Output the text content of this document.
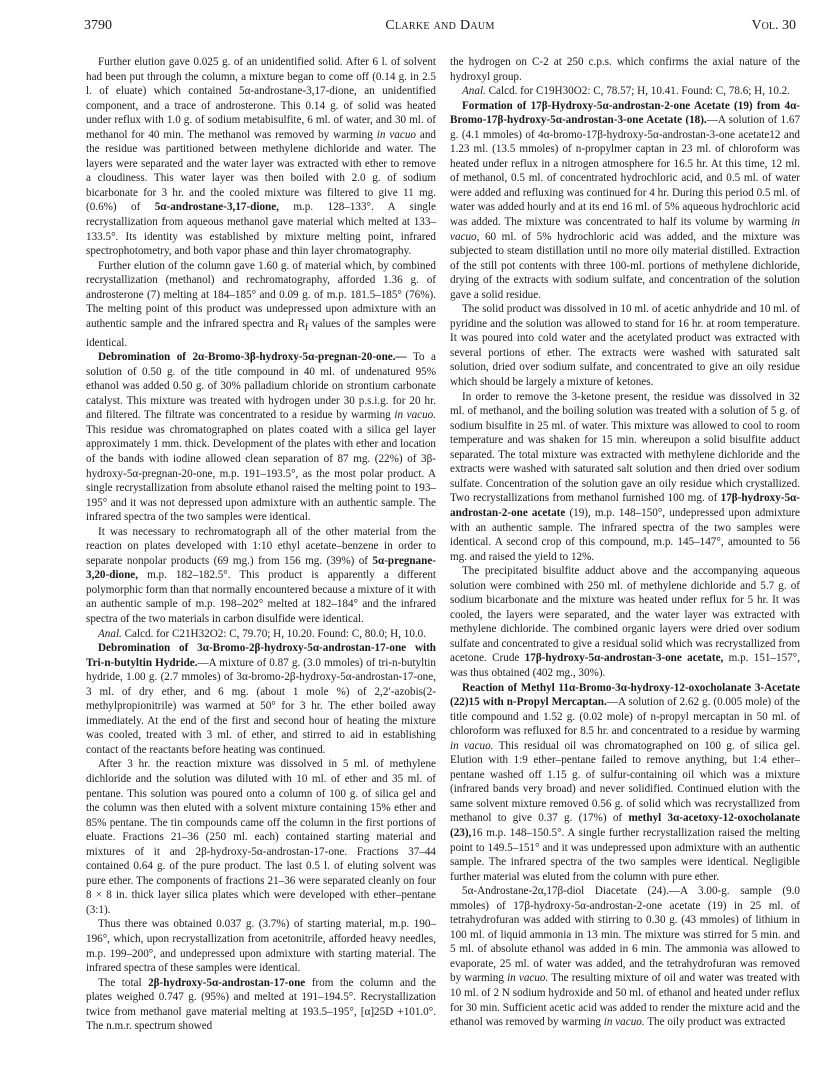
3790	Clarke and Daum	Vol. 30

Further elution gave 0.025 g. of an unidentified solid. After 6 l. of solvent had been put through the column, a mixture began to come off (0.14 g. in 2.5 l. of eluate) which contained 5α-androstane-3,17-dione, an unidentified component, and a trace of androsterone. This 0.14 g. of solid was heated under reflux with 1.0 g. of sodium metabisulfite, 6 ml. of water, and 30 ml. of methanol for 40 min. The methanol was removed by warming in vacuo and the residue was partitioned between methylene dichloride and water. The layers were separated and the water layer was extracted with ether to remove a cloudiness. This water layer was then boiled with 2.0 g. of sodium bicarbonate for 3 hr. and the cooled mixture was filtered to give 11 mg. (0.6%) of 5α-androstane-3,17-dione, m.p. 128–133°. A single recrystallization from aqueous methanol gave material which melted at 133–133.5°. Its identity was established by mixture melting point, infrared spectrophotometry, and both vapor phase and thin layer chromatography.

Further elution of the column gave 1.60 g. of material which, by combined recrystallization (methanol) and rechromatography, afforded 1.36 g. of androsterone (7) melting at 184–185° and 0.09 g. of m.p. 181.5–185° (76%). The melting point of this product was undepressed upon admixture with an authentic sample and the infrared spectra and $R_f$ values of the samples were identical.

Debromination of 2α-Bromo-3β-hydroxy-5α-pregnan-20-one.— To a solution of 0.50 g. of the title compound in 40 ml. of undenatured 95% ethanol was added 0.50 g. of 30% palladium chloride on strontium carbonate catalyst. This mixture was treated with hydrogen under 30 p.s.i.g. for 20 hr. and filtered. The filtrate was concentrated to a residue by warming in vacuo. This residue was chromatographed on plates coated with a silica gel layer approximately 1 mm. thick. Development of the plates with ether and location of the bands with iodine allowed clean separation of 87 mg. (22%) of 3β-hydroxy-5α-pregnan-20-one, m.p. 191–193.5°, as the most polar product. A single recrystallization from absolute ethanol raised the melting point to 193–195° and it was not depressed upon admixture with an authentic sample. The infrared spectra of the two samples were identical.

It was necessary to rechromatograph all of the other material from the reaction on plates developed with 1:10 ethyl acetate–benzene in order to separate nonpolar products (69 mg.) from 156 mg. (39%) of 5α-pregnane-3,20-dione, m.p. 182–182.5°. This product is apparently a different polymorphic form than that normally encountered because a mixture of it with an authentic sample of m.p. 198–202° melted at 182–184° and the infrared spectra of the two materials in carbon disulfide were identical.

Anal. Calcd. for C21H32O2: C, 79.70; H, 10.20. Found: C, 80.0; H, 10.0.

Debromination of 3α-Bromo-2β-hydroxy-5α-androstan-17-one with Tri-n-butyltin Hydride.—A mixture of 0.87 g. (3.0 mmoles) of tri-n-butyltin hydride, 1.00 g. (2.7 mmoles) of 3α-bromo-2β-hydroxy-5α-androstan-17-one, 3 ml. of dry ether, and 6 mg. (about 1 mole %) of 2,2′-azobis(2-methylpropionitrile) was warmed at 50° for 3 hr. The ether boiled away immediately. At the end of the first and second hour of heating the mixture was cooled, treated with 3 ml. of ether, and stirred to aid in establishing contact of the reactants before heating was continued.

After 3 hr. the reaction mixture was dissolved in 5 ml. of methylene dichloride and the solution was diluted with 10 ml. of ether and 35 ml. of pentane. This solution was poured onto a column of 100 g. of silica gel and the column was then eluted with a solvent mixture containing 15% ether and 85% pentane. The tin compounds came off the column in the first portions of eluate. Fractions 21–36 (250 ml. each) contained starting material and mixtures of it and 2β-hydroxy-5α-androstan-17-one. Fractions 37–44 contained 0.64 g. of the pure product. The last 0.5 l. of eluting solvent was pure ether. The components of fractions 21–36 were separated cleanly on four 8 × 8 in. thick layer silica plates which were developed with ether–pentane (3:1).

Thus there was obtained 0.037 g. (3.7%) of starting material, m.p. 190–196°, which, upon recrystallization from acetonitrile, afforded heavy needles, m.p. 199–200°, and undepressed upon admixture with starting material. The infrared spectra of these samples were identical.

The total 2β-hydroxy-5α-androstan-17-one from the column and the plates weighed 0.747 g. (95%) and melted at 191–194.5°. Recrystallization twice from methanol gave material melting at 193.5–195°, [α]25D +101.0°. The n.m.r. spectrum showed

the hydrogen on C-2 at 250 c.p.s. which confirms the axial nature of the hydroxyl group.

Anal. Calcd. for C19H30O2: C, 78.57; H, 10.41. Found: C, 78.6; H, 10.2.

Formation of 17β-Hydroxy-5α-androstan-2-one Acetate (19) from 4α-Bromo-17β-hydroxy-5α-androstan-3-one Acetate (18).—A solution of 1.67 g. (4.1 mmoles) of 4α-bromo-17β-hydroxy-5α-androstan-3-one acetate12 and 1.23 ml. (13.5 mmoles) of n-propylmer captan in 23 ml. of chloroform was heated under reflux in a nitrogen atmosphere for 16.5 hr. At this time, 12 ml. of methanol, 0.5 ml. of concentrated hydrochloric acid, and 0.5 ml. of water were added and refluxing was continued for 4 hr. During this period 0.5 ml. of water was added hourly and at its end 16 ml. of 5% aqueous hydrochloric acid was added. The mixture was concentrated to half its volume by warming in vacuo, 60 ml. of 5% hydrochloric acid was added, and the mixture was subjected to steam distillation until no more oily material distilled. Extraction of the still pot contents with three 100-ml. portions of methylene dichloride, drying of the extracts with sodium sulfate, and concentration of the solution gave a solid residue.

The solid product was dissolved in 10 ml. of acetic anhydride and 10 ml. of pyridine and the solution was allowed to stand for 16 hr. at room temperature. It was poured into cold water and the acetylated product was extracted with several portions of ether. The extracts were washed with saturated salt solution, dried over sodium sulfate, and concentrated to give an oily residue which should be largely a mixture of ketones.

In order to remove the 3-ketone present, the residue was dissolved in 32 ml. of methanol, and the boiling solution was treated with a solution of 5 g. of sodium bisulfite in 25 ml. of water. This mixture was allowed to cool to room temperature and was shaken for 15 min. whereupon a solid bisulfite adduct separated. The total mixture was extracted with methylene dichloride and the extracts were washed with saturated salt solution and then dried over sodium sulfate. Concentration of the solution gave an oily residue which crystallized. Two recrystallizations from methanol furnished 100 mg. of 17β-hydroxy-5α-androstan-2-one acetate (19), m.p. 148–150°, undepressed upon admixture with an authentic sample. The infrared spectra of the two samples were identical. A second crop of this compound, m.p. 145–147°, amounted to 56 mg. and raised the yield to 12%.

The precipitated bisulfite adduct above and the accompanying aqueous solution were combined with 250 ml. of methylene dichloride and 5.7 g. of sodium bicarbonate and the mixture was heated under reflux for 5 hr. It was cooled, the layers were separated, and the water layer was extracted with methylene dichloride. The combined organic layers were dried over sodium sulfate and concentrated to give a residual solid which was recrystallized from acetone. Crude 17β-hydroxy-5α-androstan-3-one acetate, m.p. 151–157°, was thus obtained (402 mg., 30%).

Reaction of Methyl 11α-Bromo-3α-hydroxy-12-oxocholanate 3-Acetate (22)15 with n-Propyl Mercaptan.—A solution of 2.62 g. (0.005 mole) of the title compound and 1.52 g. (0.02 mole) of n-propyl mercaptan in 50 ml. of chloroform was refluxed for 8.5 hr. and concentrated to a residue by warming in vacuo. This residual oil was chromatographed on 100 g. of silica gel. Elution with 1:9 ether–pentane failed to remove anything, but 1:4 ether–pentane washed off 1.15 g. of sulfur-containing oil which was a mixture (infrared bands very broad) and never solidified. Continued elution with the same solvent mixture removed 0.56 g. of solid which was recrystallized from methanol to give 0.37 g. (17%) of methyl 3α-acetoxy-12-oxocholanate (23),16 m.p. 148–150.5°. A single further recrystallization raised the melting point to 149.5–151° and it was undepressed upon admixture with an authentic sample. The infrared spectra of the two samples were identical. Negligible further material was eluted from the column with pure ether.

5α-Androstane-2α,17β-diol Diacetate (24).—A 3.00-g. sample (9.0 mmoles) of 17β-hydroxy-5α-androstan-2-one acetate (19) in 25 ml. of tetrahydrofuran was added with stirring to 0.30 g. (43 mmoles) of lithium in 100 ml. of liquid ammonia in 13 min. The mixture was stirred for 5 min. and 5 ml. of absolute ethanol was added in 6 min. The ammonia was allowed to evaporate, 25 ml. of water was added, and the tetrahydrofuran was removed by warming in vacuo. The resulting mixture of oil and water was treated with 10 ml. of 2 N sodium hydroxide and 50 ml. of ethanol and heated under reflux for 30 min. Sufficient acetic acid was added to render the mixture acid and the ethanol was removed by warming in vacuo. The oily product was extracted
